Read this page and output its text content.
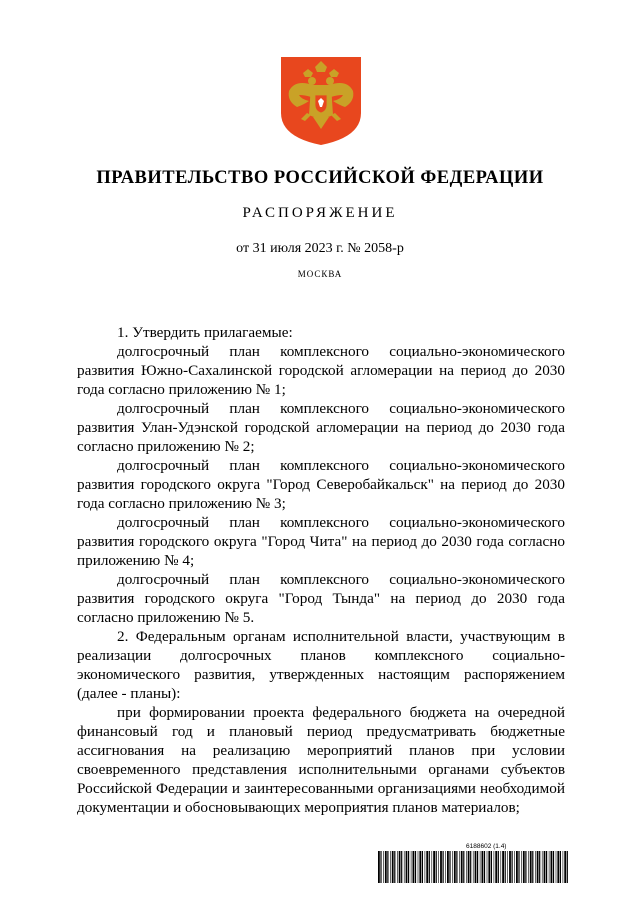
ПРАВИТЕЛЬСТВО РОССИЙСКОЙ ФЕДЕРАЦИИ
РАСПОРЯЖЕНИЕ
от 31 июля 2023 г. № 2058-р
МОСКВА

1. Утвердить прилагаемые:

долгосрочный план комплексного социально-экономического развития Южно-Сахалинской городской агломерации на период до 2030 года согласно приложению № 1;

долгосрочный план комплексного социально-экономического развития Улан-Удэнской городской агломерации на период до 2030 года согласно приложению № 2;

долгосрочный план комплексного социально-экономического развития городского округа "Город Северобайкальск" на период до 2030 года согласно приложению № 3;

долгосрочный план комплексного социально-экономического развития городского округа "Город Чита" на период до 2030 года согласно приложению № 4;

долгосрочный план комплексного социально-экономического развития городского округа "Город Тында" на период до 2030 года согласно приложению № 5.

2. Федеральным органам исполнительной власти, участвующим в реализации долгосрочных планов комплексного социально-экономического развития, утвержденных настоящим распоряжением (далее - планы):

при формировании проекта федерального бюджета на очередной финансовый год и плановый период предусматривать бюджетные ассигнования на реализацию мероприятий планов при условии своевременного представления исполнительными органами субъектов Российской Федерации и заинтересованными организациями необходимой документации и обосновывающих мероприятия планов материалов;

6188602 (1.4)
